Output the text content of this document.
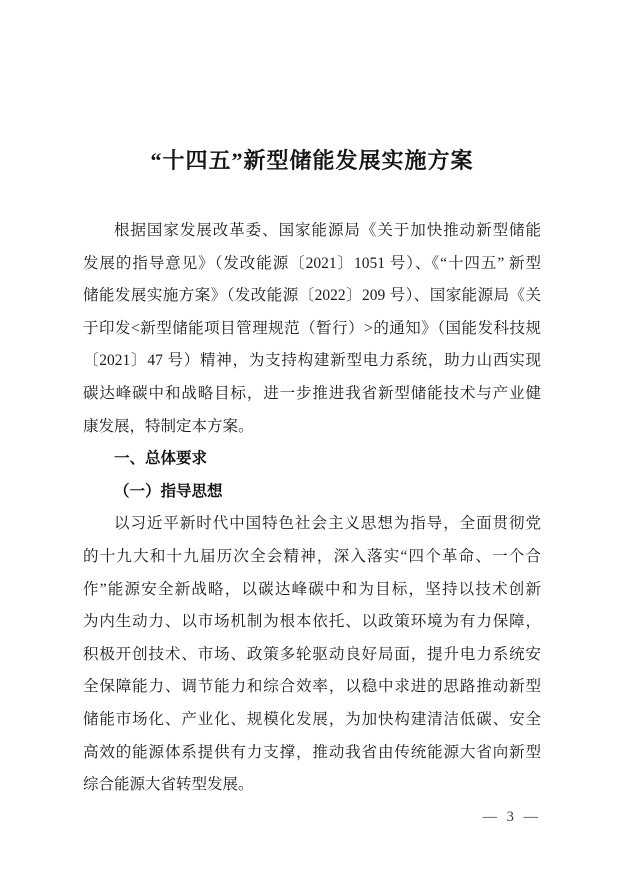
“十四五”新型储能发展实施方案
根据国家发展改革委、国家能源局《关于加快推动新型储能
发展的指导意见》（发改能源〔2021〕1051 号）、《“十四五” 新型
储能发展实施方案》（发改能源〔2022〕209 号）、国家能源局《关
于印发<新型储能项目管理规范（暂行）>的通知》（国能发科技规
〔2021〕47 号）精神，为支持构建新型电力系统，助力山西实现
碳达峰碳中和战略目标，进一步推进我省新型储能技术与产业健
康发展，特制定本方案。
一、总体要求
（一）指导思想
以习近平新时代中国特色社会主义思想为指导，全面贯彻党
的十九大和十九届历次全会精神，深入落实“四个革命、一个合
作”能源安全新战略，以碳达峰碳中和为目标，坚持以技术创新
为内生动力、以市场机制为根本依托、以政策环境为有力保障，
积极开创技术、市场、政策多轮驱动良好局面，提升电力系统安
全保障能力、调节能力和综合效率，以稳中求进的思路推动新型
储能市场化、产业化、规模化发展，为加快构建清洁低碳、安全
高效的能源体系提供有力支撑，推动我省由传统能源大省向新型
综合能源大省转型发展。
— 3 —
